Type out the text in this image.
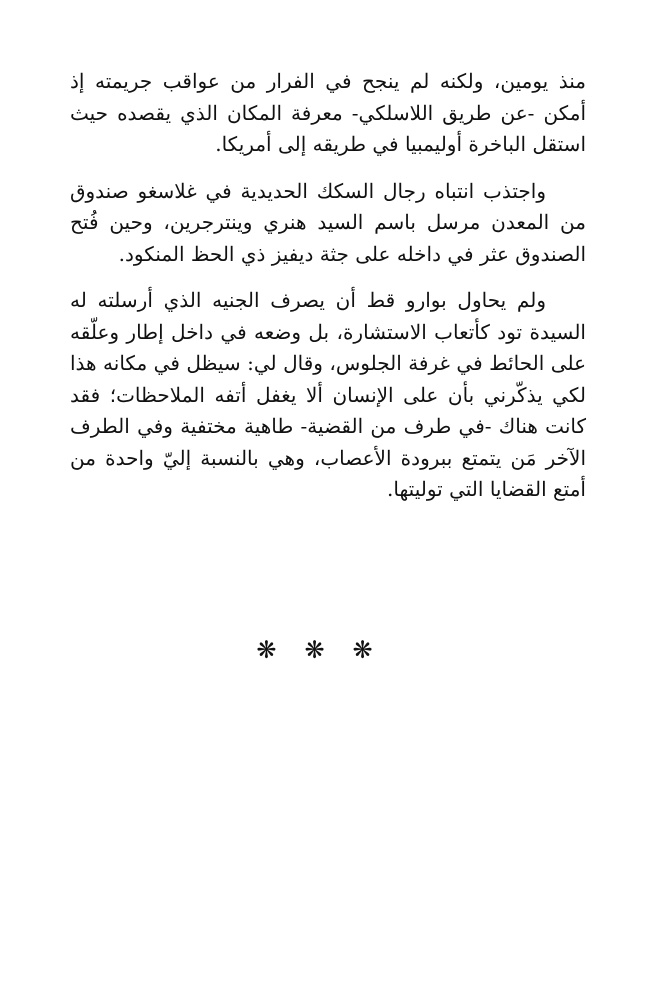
منذ يومين، ولكنه لم ينجح في الفرار من عواقب جريمته إذ أمكن -عن طريق اللاسلكي- معرفة المكان الذي يقصده حيث استقل الباخرة أوليمبيا في طريقه إلى أمريكا.

واجتذب انتباه رجال السكك الحديدية في غلاسغو صندوق من المعدن مرسل باسم السيد هنري وينترجرين، وحين فُتح الصندوق عثر في داخله على جثة ديفيز ذي الحظ المنكود.

ولم يحاول بوارو قط أن يصرف الجنيه الذي أرسلته له السيدة تود كأتعاب الاستشارة، بل وضعه في داخل إطار وعلّقه على الحائط في غرفة الجلوس، وقال لي: سيظل في مكانه هذا لكي يذكّرني بأن على الإنسان ألا يغفل أتفه الملاحظات؛ فقد كانت هناك -في طرف من القضية- طاهية مختفية وفي الطرف الآخر مَن يتمتع ببرودة الأعصاب، وهي بالنسبة إليّ واحدة من أمتع القضايا التي توليتها.

❋ ❋ ❋
